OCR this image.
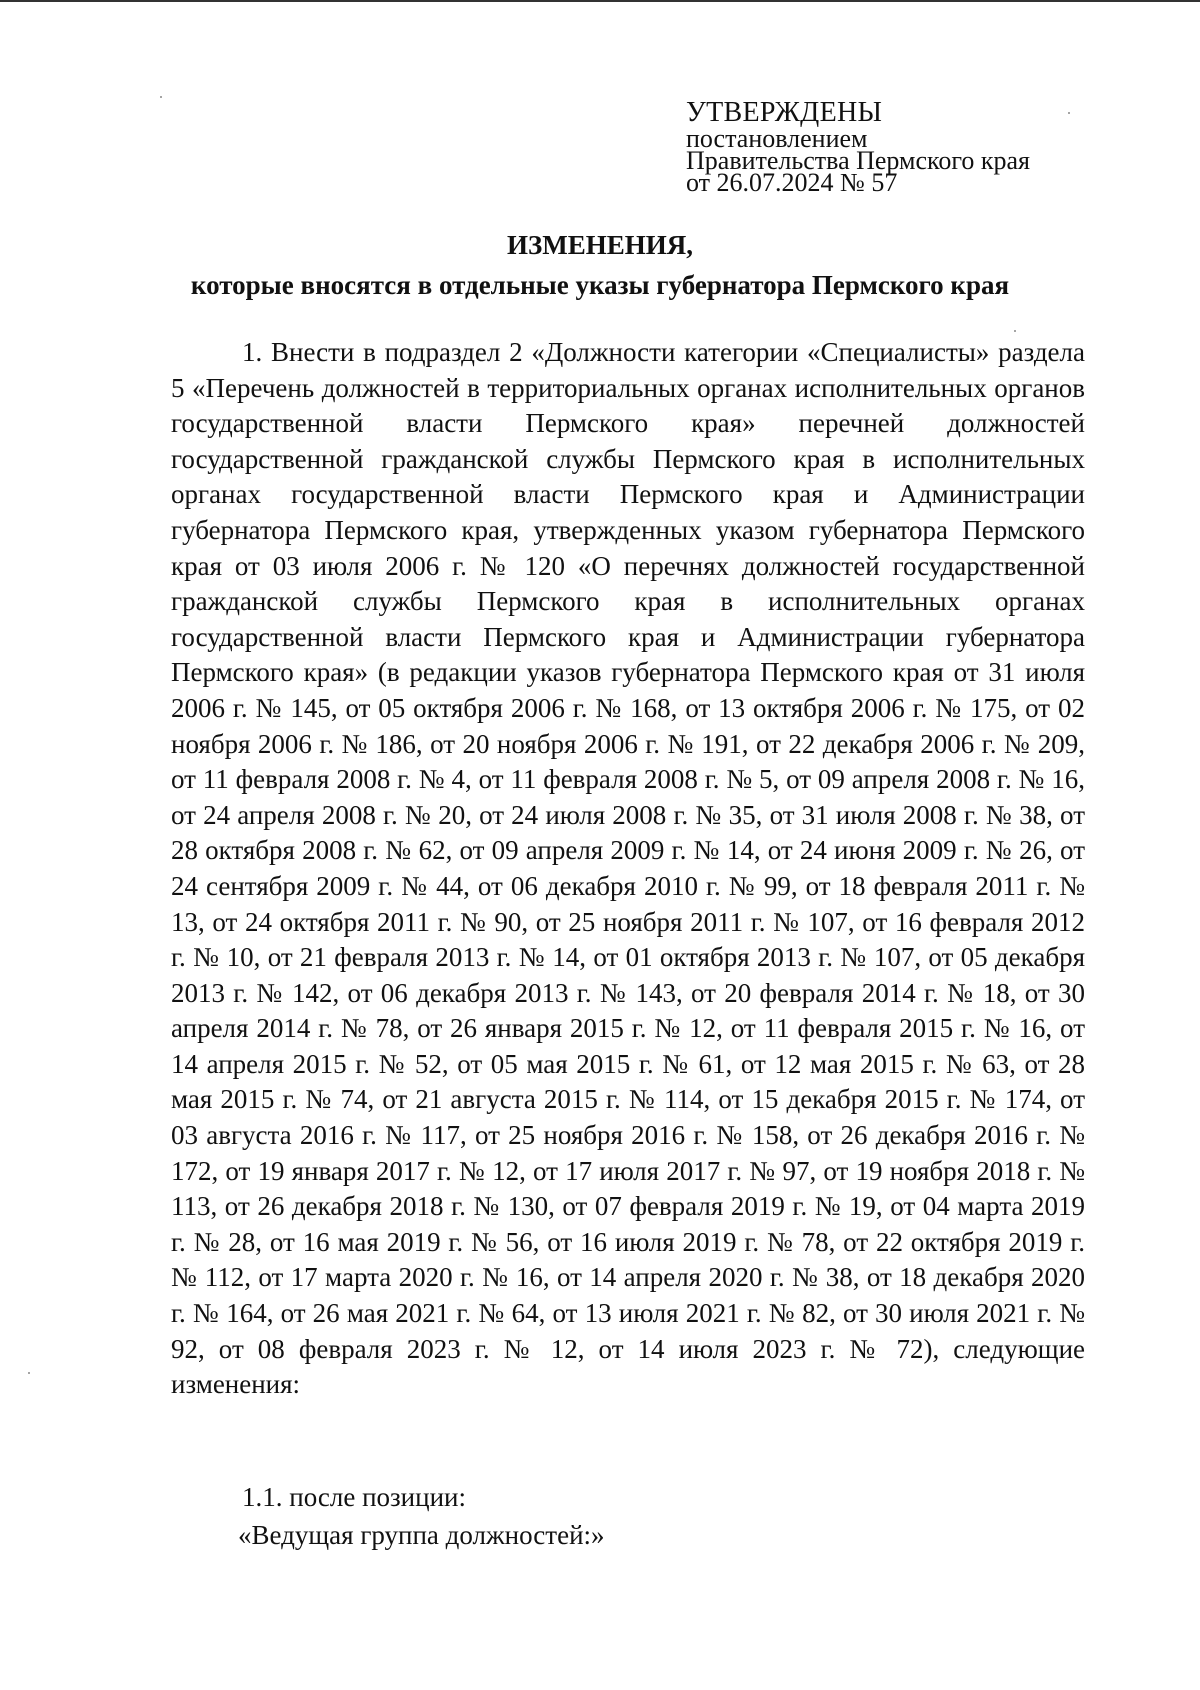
УТВЕРЖДЕНЫ
постановлением
Правительства Пермского края
от 26.07.2024 № 57
ИЗМЕНЕНИЯ,
которые вносятся в отдельные указы губернатора Пермского края
1. Внести в подраздел 2 «Должности категории «Специалисты» раздела 5 «Перечень должностей в территориальных органах исполнительных органов государственной власти Пермского края» перечней должностей государственной гражданской службы Пермского края в исполнительных органах государственной власти Пермского края и Администрации губернатора Пермского края, утвержденных указом губернатора Пермского края от 03 июля 2006 г. № 120 «О перечнях должностей государственной гражданской службы Пермского края в исполнительных органах государственной власти Пермского края и Администрации губернатора Пермского края» (в редакции указов губернатора Пермского края от 31 июля 2006 г. № 145, от 05 октября 2006 г. № 168, от 13 октября 2006 г. № 175, от 02 ноября 2006 г. № 186, от 20 ноября 2006 г. № 191, от 22 декабря 2006 г. № 209, от 11 февраля 2008 г. № 4, от 11 февраля 2008 г. № 5, от 09 апреля 2008 г. № 16, от 24 апреля 2008 г. № 20, от 24 июля 2008 г. № 35, от 31 июля 2008 г. № 38, от 28 октября 2008 г. № 62, от 09 апреля 2009 г. № 14, от 24 июня 2009 г. № 26, от 24 сентября 2009 г. № 44, от 06 декабря 2010 г. № 99, от 18 февраля 2011 г. № 13, от 24 октября 2011 г. № 90, от 25 ноября 2011 г. № 107, от 16 февраля 2012 г. № 10, от 21 февраля 2013 г. № 14, от 01 октября 2013 г. № 107, от 05 декабря 2013 г. № 142, от 06 декабря 2013 г. № 143, от 20 февраля 2014 г. № 18, от 30 апреля 2014 г. № 78, от 26 января 2015 г. № 12, от 11 февраля 2015 г. № 16, от 14 апреля 2015 г. № 52, от 05 мая 2015 г. № 61, от 12 мая 2015 г. № 63, от 28 мая 2015 г. № 74, от 21 августа 2015 г. № 114, от 15 декабря 2015 г. № 174, от 03 августа 2016 г. № 117, от 25 ноября 2016 г. № 158, от 26 декабря 2016 г. № 172, от 19 января 2017 г. № 12, от 17 июля 2017 г. № 97, от 19 ноября 2018 г. № 113, от 26 декабря 2018 г. № 130, от 07 февраля 2019 г. № 19, от 04 марта 2019 г. № 28, от 16 мая 2019 г. № 56, от 16 июля 2019 г. № 78, от 22 октября 2019 г. № 112, от 17 марта 2020 г. № 16, от 14 апреля 2020 г. № 38, от 18 декабря 2020 г. № 164, от 26 мая 2021 г. № 64, от 13 июля 2021 г. № 82, от 30 июля 2021 г. № 92, от 08 февраля 2023 г. № 12, от 14 июля 2023 г. № 72), следующие изменения:
1.1. после позиции:
«Ведущая группа должностей:»
